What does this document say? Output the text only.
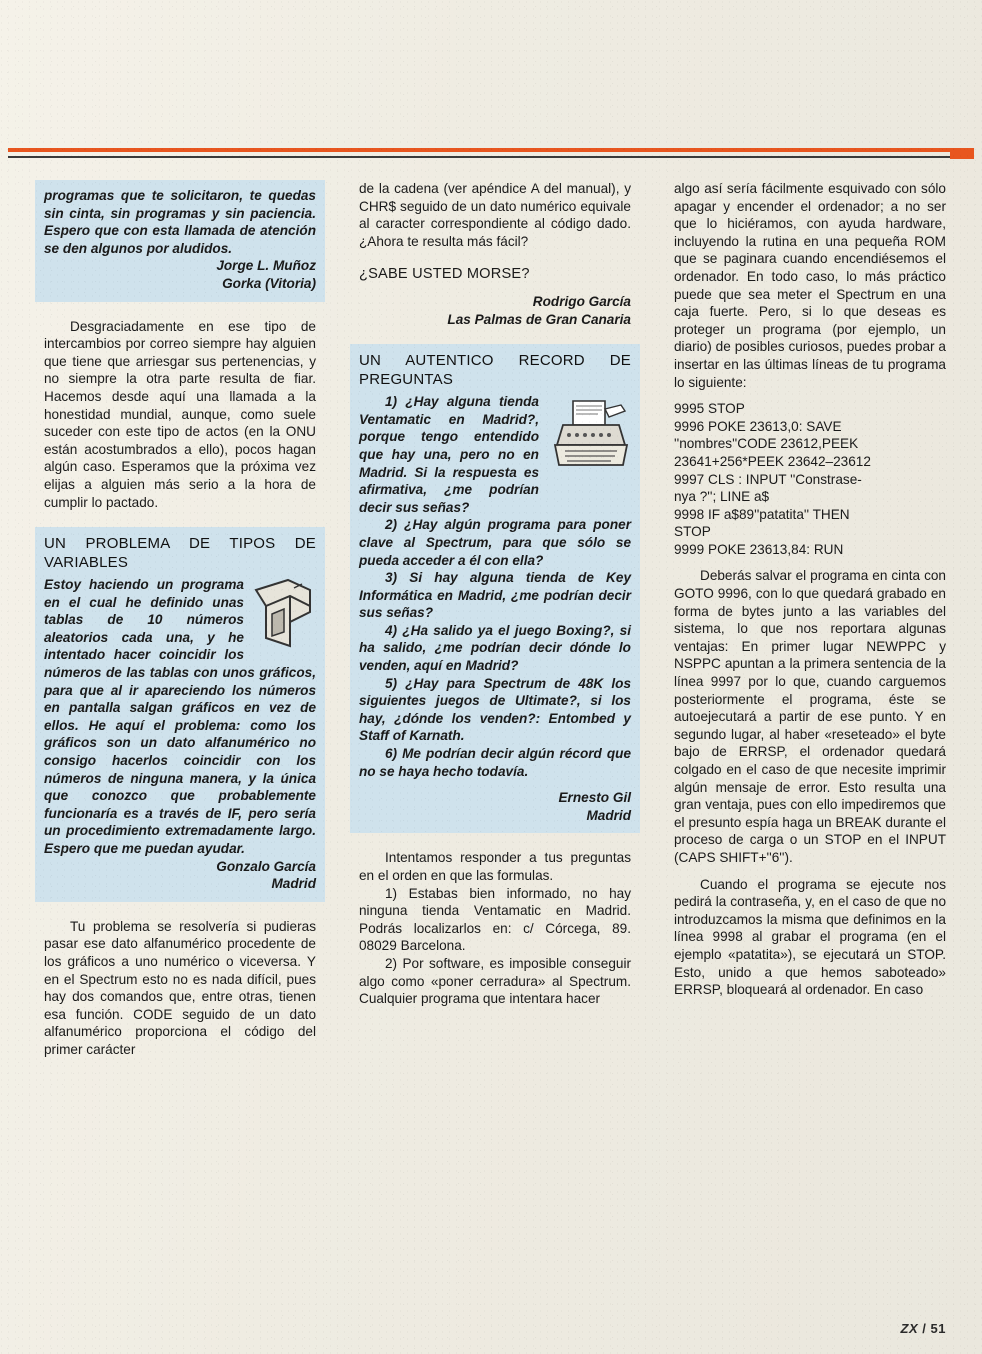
programas que te solicitaron, te quedas sin cinta, sin programas y sin paciencia. Espero que con esta llamada de atención se den algunos por aludidos.

Jorge L. Muñoz
Gorka (Vitoria)

Desgraciadamente en ese tipo de intercambios por correo siempre hay alguien que tiene que arriesgar sus pertenencias, y no siempre la otra parte resulta de fiar. Hacemos desde aquí una llamada a la honestidad mundial, aunque, como suele suceder con este tipo de actos (en la ONU están acostumbrados a ello), pocos hagan algún caso. Esperamos que la próxima vez elijas a alguien más serio a la hora de cumplir lo pactado.

UN PROBLEMA DE TIPOS DE VARIABLES

Estoy haciendo un programa en el cual he definido unas tablas de 10 números aleatorios cada una, y he intentado hacer coincidir los números de las tablas con unos gráficos, para que al ir apareciendo los números en pantalla salgan gráficos en vez de ellos. He aquí el problema: como los gráficos son un dato alfanumérico no consigo hacerlos coincidir con los números de ninguna manera, y la única que conozco que probablemente funcionaría es a través de IF, pero sería un procedimiento extremadamente largo. Espero que me puedan ayudar.

Gonzalo García
Madrid

Tu problema se resolvería si pudieras pasar ese dato alfanumérico procedente de los gráficos a uno numérico o viceversa. Y en el Spectrum esto no es nada difícil, pues hay dos comandos que, entre otras, tienen esa función. CODE seguido de un dato alfanumérico proporciona el código del primer carácter

de la cadena (ver apéndice A del manual), y CHR$ seguido de un dato numérico equivale al caracter correspondiente al código dado. ¿Ahora te resulta más fácil?

¿SABE USTED MORSE?

Rodrigo García
Las Palmas de Gran Canaria

UN AUTENTICO RECORD DE PREGUNTAS

1) ¿Hay alguna tienda Ventamatic en Madrid?, porque tengo entendido que hay una, pero no en Madrid. Si la respuesta es afirmativa, ¿me podrían decir sus señas?

2) ¿Hay algún programa para poner clave al Spectrum, para que sólo se pueda acceder a él con ella?

3) Si hay alguna tienda de Key Informática en Madrid, ¿me podrían decir sus señas?

4) ¿Ha salido ya el juego Boxing?, si ha salido, ¿me podrían decir dónde lo venden, aquí en Madrid?

5) ¿Hay para Spectrum de 48K los siguientes juegos de Ultimate?, si los hay, ¿dónde los venden?: Entombed y Staff of Karnath.

6) Me podrían decir algún récord que no se haya hecho todavía.

Ernesto Gil
Madrid

Intentamos responder a tus preguntas en el orden en que las formulas.

1) Estabas bien informado, no hay ninguna tienda Ventamatic en Madrid. Podrás localizarlos en: c/ Córcega, 89. 08029 Barcelona.

2) Por software, es imposible conseguir algo como «poner cerradura» al Spectrum. Cualquier programa que intentara hacer

algo así sería fácilmente esquivado con sólo apagar y encender el ordenador; a no ser que lo hiciéramos, con ayuda hardware, incluyendo la rutina en una pequeña ROM que se paginara cuando encendiésemos el ordenador. En todo caso, lo más práctico puede que sea meter el Spectrum en una caja fuerte. Pero, si lo que deseas es proteger un programa (por ejemplo, un diario) de posibles curiosos, puedes probar a insertar en las últimas líneas de tu programa lo siguiente:

9995 STOP

9996 POKE 23613,0: SAVE

''nombres''CODE 23612,PEEK

23641+256*PEEK 23642–23612

9997 CLS : INPUT ''Constrase-

nya ?''; LINE a$

9998 IF a$89''patatita'' THEN

STOP

9999 POKE 23613,84: RUN

Deberás salvar el programa en cinta con GOTO 9996, con lo que quedará grabado en forma de bytes junto a las variables del sistema, lo que nos reportara algunas ventajas: En primer lugar NEWPPC y NSPPC apuntan a la primera sentencia de la línea 9997 por lo que, cuando carguemos posteriormente el programa, éste se autoejecutará a partir de ese punto. Y en segundo lugar, al haber «reseteado» el byte bajo de ERRSP, el ordenador quedará colgado en el caso de que necesite imprimir algún mensaje de error. Esto resulta una gran ventaja, pues con ello impediremos que el presunto espía haga un BREAK durante el proceso de carga o un STOP en el INPUT (CAPS SHIFT+''6'').

Cuando el programa se ejecute nos pedirá la contraseña, y, en el caso de que no introduzcamos la misma que definimos en la línea 9998 al grabar el programa (en el ejemplo «patatita»), se ejecutará un STOP. Esto, unido a que hemos saboteado» ERRSP, bloqueará al ordenador. En caso

ZX / 51
